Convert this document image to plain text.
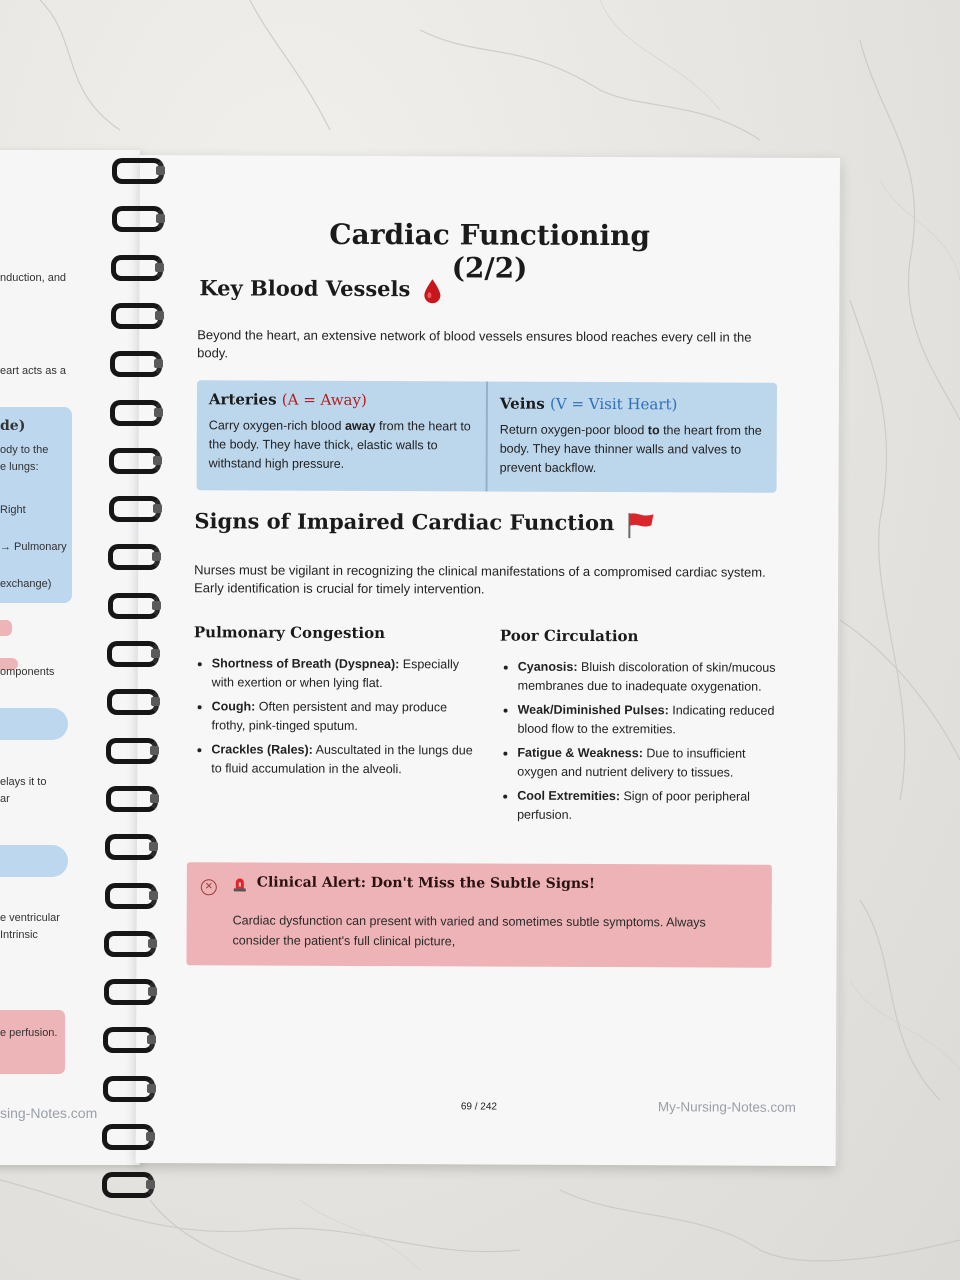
nduction, and
eart acts as a
de)
ody to the
e lungs:
Right
→ Pulmonary
exchange)
omponents
elays it to
ar
e ventricular
Intrinsic
e perfusion.
sing-Notes.com
Cardiac Functioning (2/2)
Key Blood Vessels

Beyond the heart, an extensive network of blood vessels ensures blood reaches every cell in the body.

Arteries (A = Away)

Carry oxygen-rich blood away from the heart to the body. They have thick, elastic walls to withstand high pressure.

Veins (V = Visit Heart)

Return oxygen-poor blood to the heart from the body. They have thinner walls and valves to prevent backflow.
Signs of Impaired Cardiac Function

Nurses must be vigilant in recognizing the clinical manifestations of a compromised cardiac system. Early identification is crucial for timely intervention.

Pulmonary Congestion

• Shortness of Breath (Dyspnea): Especially with exertion or when lying flat.
• Cough: Often persistent and may produce frothy, pink-tinged sputum.
• Crackles (Rales): Auscultated in the lungs due to fluid accumulation in the alveoli.

Poor Circulation

• Cyanosis: Bluish discoloration of skin/mucous membranes due to inadequate oxygenation.
• Weak/Diminished Pulses: Indicating reduced blood flow to the extremities.
• Fatigue & Weakness: Due to insufficient oxygen and nutrient delivery to tissues.
• Cool Extremities: Sign of poor peripheral perfusion.
✕	Clinical Alert: Don't Miss the Subtle Signs!
Cardiac dysfunction can present with varied and sometimes subtle symptoms. Always consider the patient's full clinical picture,
69 / 242	My-Nursing-Notes.com
